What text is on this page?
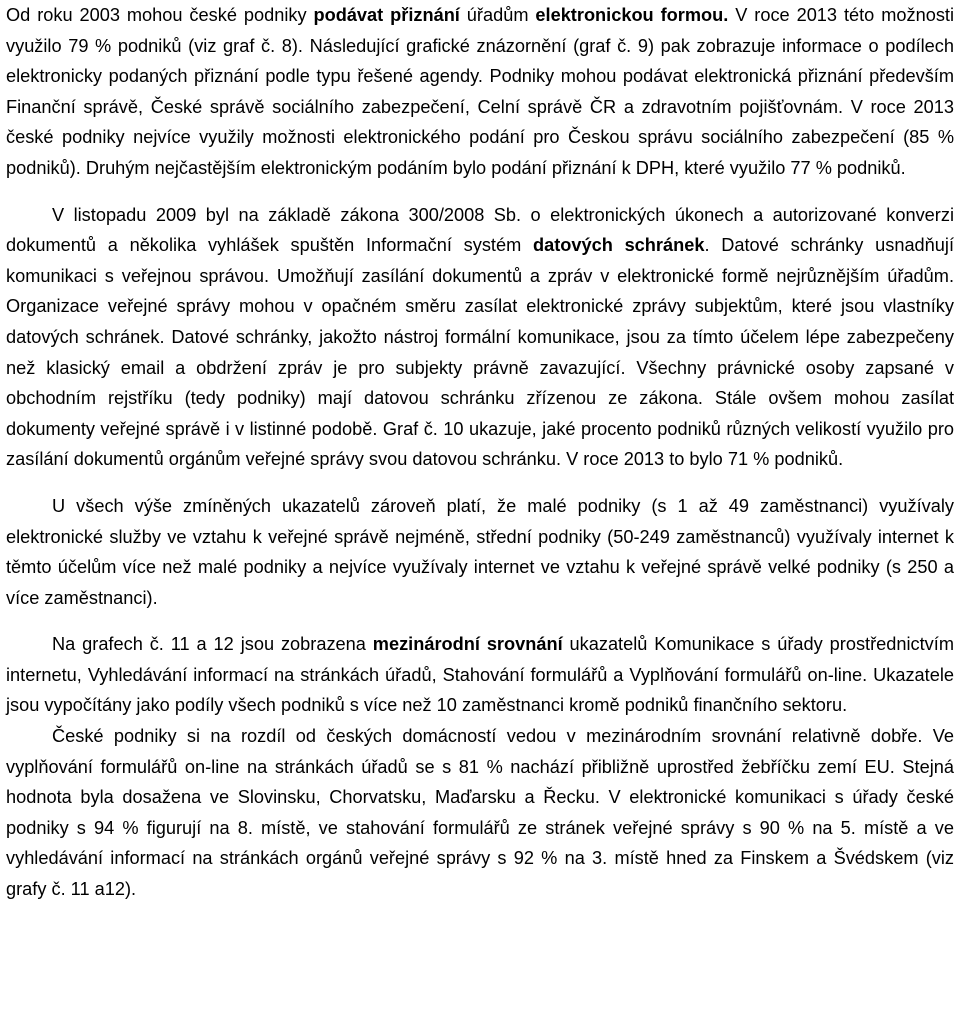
Od roku 2003 mohou české podniky podávat přiznání úřadům elektronickou formou. V roce 2013 této možnosti využilo 79 % podniků (viz graf č. 8). Následující grafické znázornění (graf č. 9) pak zobrazuje informace o podílech elektronicky podaných přiznání podle typu řešené agendy. Podniky mohou podávat elektronická přiznání především Finanční správě, České správě sociálního zabezpečení, Celní správě ČR a zdravotním pojišťovnám. V roce 2013 české podniky nejvíce využily možnosti elektronického podání pro Českou správu sociálního zabezpečení (85 % podniků). Druhým nejčastějším elektronickým podáním bylo podání přiznání k DPH, které využilo 77 % podniků.

V listopadu 2009 byl na základě zákona 300/2008 Sb. o elektronických úkonech a autorizované konverzi dokumentů a několika vyhlášek spuštěn Informační systém datových schránek. Datové schránky usnadňují komunikaci s veřejnou správou. Umožňují zasílání dokumentů a zpráv v elektronické formě nejrůznějším úřadům. Organizace veřejné správy mohou v opačném směru zasílat elektronické zprávy subjektům, které jsou vlastníky datových schránek. Datové schránky, jakožto nástroj formální komunikace, jsou za tímto účelem lépe zabezpečeny než klasický email a obdržení zpráv je pro subjekty právně zavazující. Všechny právnické osoby zapsané v obchodním rejstříku (tedy podniky) mají datovou schránku zřízenou ze zákona. Stále ovšem mohou zasílat dokumenty veřejné správě i v listinné podobě. Graf č. 10 ukazuje, jaké procento podniků různých velikostí využilo pro zasílání dokumentů orgánům veřejné správy svou datovou schránku. V roce 2013 to bylo 71 % podniků.

U všech výše zmíněných ukazatelů zároveň platí, že malé podniky (s 1 až 49 zaměstnanci) využívaly elektronické služby ve vztahu k veřejné správě nejméně, střední podniky (50-249 zaměstnanců) využívaly internet k těmto účelům více než malé podniky a nejvíce využívaly internet ve vztahu k veřejné správě velké podniky (s 250 a více zaměstnanci).

Na grafech č. 11 a 12 jsou zobrazena mezinárodní srovnání ukazatelů Komunikace s úřady prostřednictvím internetu, Vyhledávání informací na stránkách úřadů, Stahování formulářů a Vyplňování formulářů on-line. Ukazatele jsou vypočítány jako podíly všech podniků s více než 10 zaměstnanci kromě podniků finančního sektoru.

České podniky si na rozdíl od českých domácností vedou v mezinárodním srovnání relativně dobře. Ve vyplňování formulářů on-line na stránkách úřadů se s 81 % nachází přibližně uprostřed žebříčku zemí EU. Stejná hodnota byla dosažena ve Slovinsku, Chorvatsku, Maďarsku a Řecku. V elektronické komunikaci s úřady české podniky s 94 % figurují na 8. místě, ve stahování formulářů ze stránek veřejné správy s 90 % na 5. místě a ve vyhledávání informací na stránkách orgánů veřejné správy s 92 % na 3. místě hned za Finskem a Švédskem (viz grafy č. 11 a12).
